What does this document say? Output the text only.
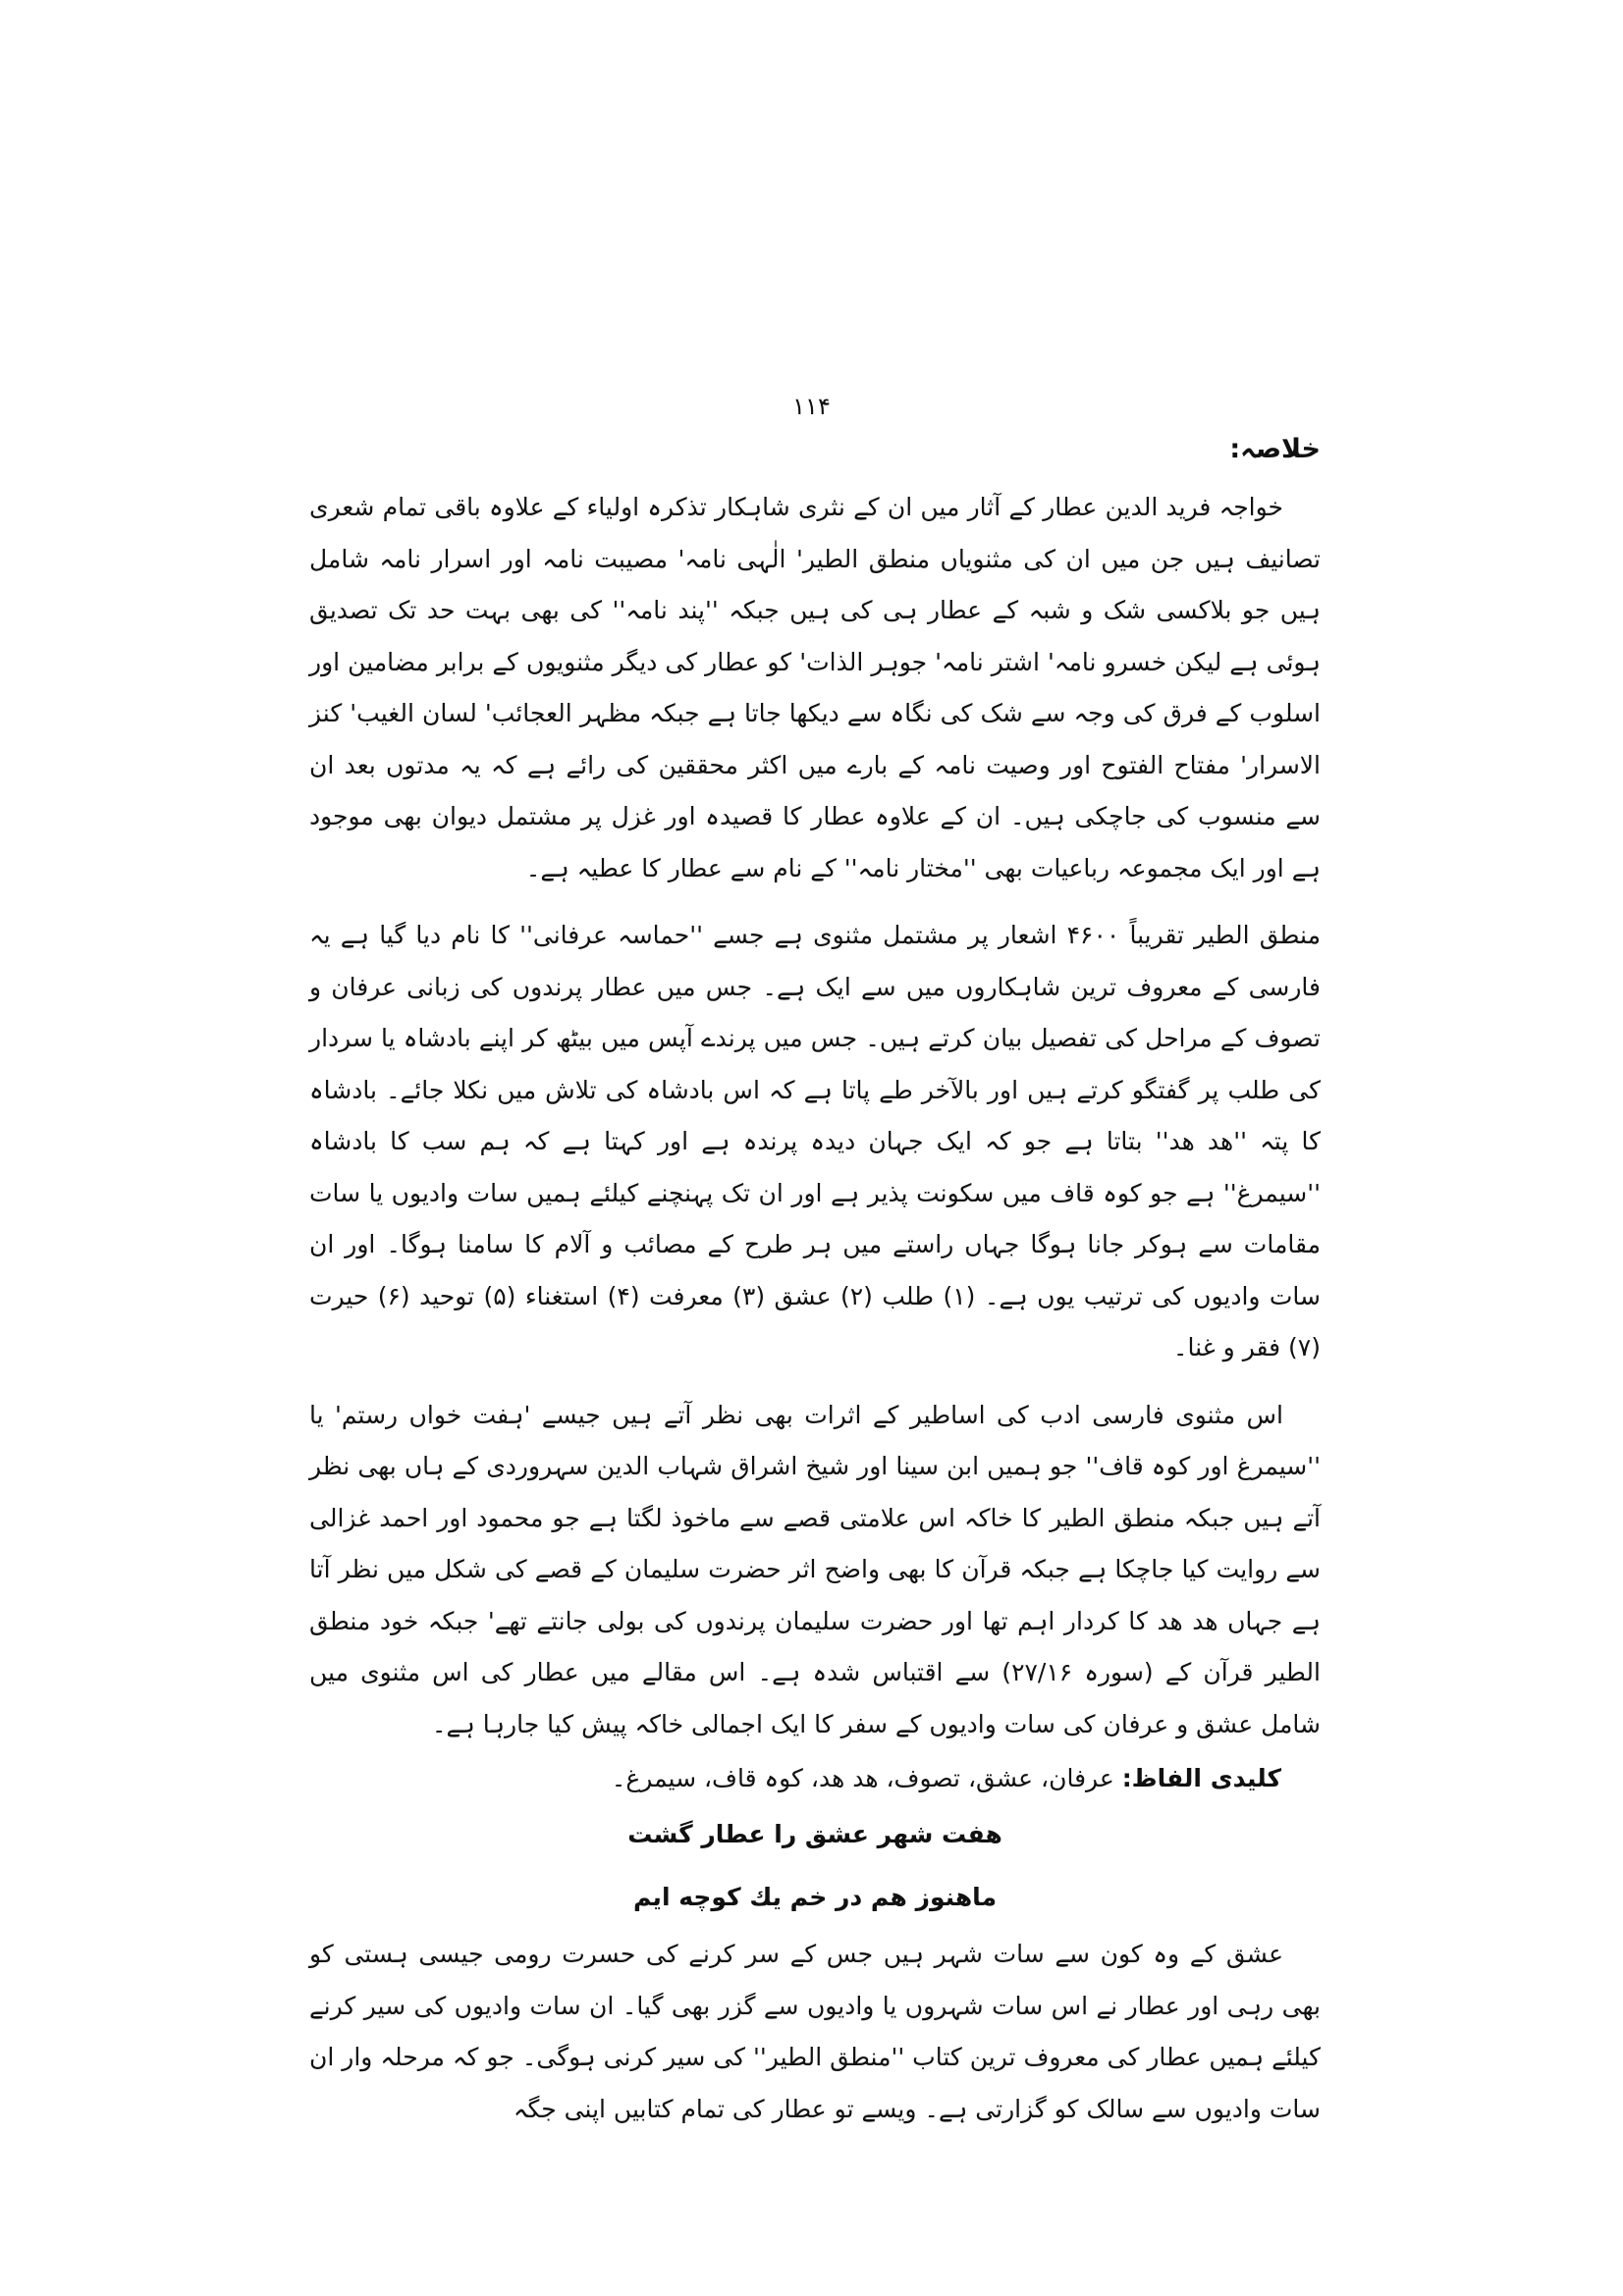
۱۱۴
خلاصہ:

خواجہ فرید الدین عطار کے آثار میں ان کے نثری شاہکار تذکرہ اولیاء کے علاوہ باقی تمام شعری تصانیف ہیں جن میں ان کی مثنویاں منطق الطیر' الٰہی نامہ' مصیبت نامہ اور اسرار نامہ شامل ہیں جو بلاکسی شک و شبہ کے عطار ہی کی ہیں جبکہ ''پند نامہ'' کی بھی بہت حد تک تصدیق ہوئی ہے لیکن خسرو نامہ' اشتر نامہ' جوہر الذات' کو عطار کی دیگر مثنویوں کے برابر مضامین اور اسلوب کے فرق کی وجہ سے شک کی نگاہ سے دیکھا جاتا ہے جبکہ مظہر العجائب' لسان الغیب' کنز الاسرار' مفتاح الفتوح اور وصیت نامہ کے بارے میں اکثر محققین کی رائے ہے کہ یہ مدتوں بعد ان سے منسوب کی جاچکی ہیں۔ ان کے علاوہ عطار کا قصیدہ اور غزل پر مشتمل دیوان بھی موجود ہے اور ایک مجموعہ رباعیات بھی ''مختار نامہ'' کے نام سے عطار کا عطیہ ہے۔

منطق الطیر تقریباً ۴۶۰۰ اشعار پر مشتمل مثنوی ہے جسے ''حماسہ عرفانی'' کا نام دیا گیا ہے یہ فارسی کے معروف ترین شاہکاروں میں سے ایک ہے۔ جس میں عطار پرندوں کی زبانی عرفان و تصوف کے مراحل کی تفصیل بیان کرتے ہیں۔ جس میں پرندے آپس میں بیٹھ کر اپنے بادشاہ یا سردار کی طلب پر گفتگو کرتے ہیں اور بالآخر طے پاتا ہے کہ اس بادشاہ کی تلاش میں نکلا جائے۔ بادشاہ کا پتہ ''ھد ھد'' بتاتا ہے جو کہ ایک جہان دیدہ پرندہ ہے اور کہتا ہے کہ ہم سب کا بادشاہ ''سیمرغ'' ہے جو کوہ قاف میں سکونت پذیر ہے اور ان تک پہنچنے کیلئے ہمیں سات وادیوں یا سات مقامات سے ہوکر جانا ہوگا جہاں راستے میں ہر طرح کے مصائب و آلام کا سامنا ہوگا۔ اور ان سات وادیوں کی ترتیب یوں ہے۔ (۱) طلب (۲) عشق (۳) معرفت (۴) استغناء (۵) توحید (۶) حیرت (۷) فقر و غنا۔

اس مثنوی فارسی ادب کی اساطیر کے اثرات بھی نظر آتے ہیں جیسے 'ہفت خواں رستم' یا ''سیمرغ اور کوہ قاف'' جو ہمیں ابن سینا اور شیخ اشراق شہاب الدین سہروردی کے ہاں بھی نظر آتے ہیں جبکہ منطق الطیر کا خاکہ اس علامتی قصے سے ماخوذ لگتا ہے جو محمود اور احمد غزالی سے روایت کیا جاچکا ہے جبکہ قرآن کا بھی واضح اثر حضرت سلیمان کے قصے کی شکل میں نظر آتا ہے جہاں ھد ھد کا کردار اہم تھا اور حضرت سلیمان پرندوں کی بولی جانتے تھے' جبکہ خود منطق الطیر قرآن کے (سورہ ۲۷/۱۶) سے اقتباس شدہ ہے۔ اس مقالے میں عطار کی اس مثنوی میں شامل عشق و عرفان کی سات وادیوں کے سفر کا ایک اجمالی خاکہ پیش کیا جارہا ہے۔

کلیدی الفاظ: عرفان، عشق، تصوف، ھد ھد، کوہ قاف، سیمرغ۔
هفت شهر عشق را عطار گشت
ماهنوز هم در خم يك كوچه ايم

عشق کے وہ کون سے سات شہر ہیں جس کے سر کرنے کی حسرت رومی جیسی ہستی کو بھی رہی اور عطار نے اس سات شہروں یا وادیوں سے گزر بھی گیا۔ ان سات وادیوں کی سیر کرنے کیلئے ہمیں عطار کی معروف ترین کتاب ''منطق الطیر'' کی سیر کرنی ہوگی۔ جو کہ مرحلہ وار ان سات وادیوں سے سالک کو گزارتی ہے۔ ویسے تو عطار کی تمام کتابیں اپنی جگہ
